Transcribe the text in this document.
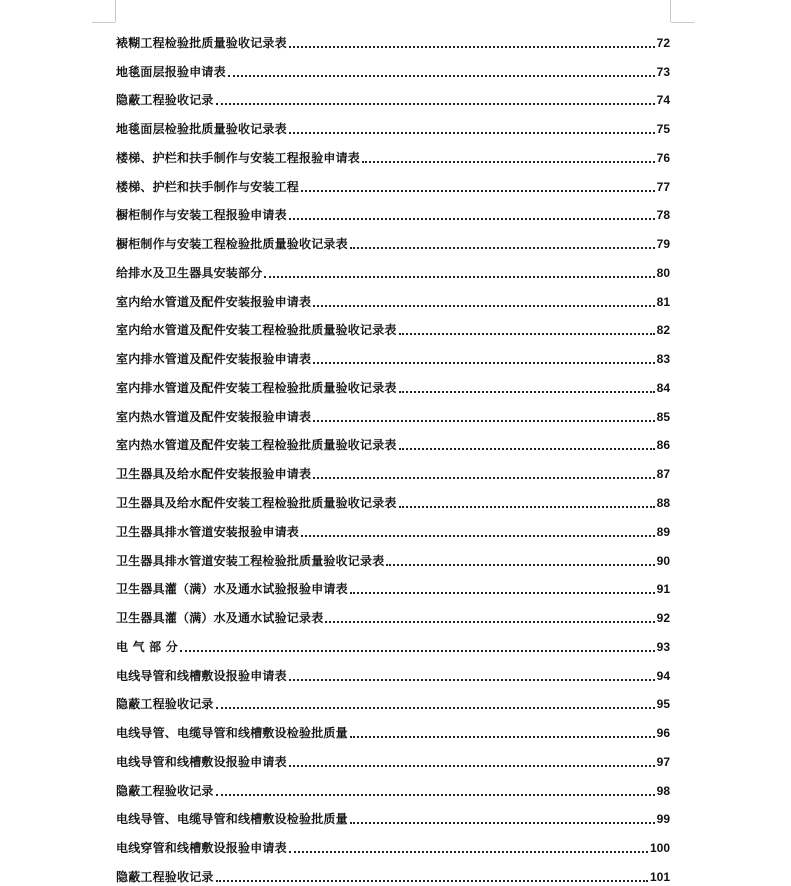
裱糊工程检验批质量验收记录表	72
地毯面层报验申请表	73
隐蔽工程验收记录	74
地毯面层检验批质量验收记录表	75
楼梯、护栏和扶手制作与安装工程报验申请表	76
楼梯、护栏和扶手制作与安装工程	77
橱柜制作与安装工程报验申请表	78
橱柜制作与安装工程检验批质量验收记录表	79
给排水及卫生器具安装部分	80
室内给水管道及配件安装报验申请表	81
室内给水管道及配件安装工程检验批质量验收记录表	82
室内排水管道及配件安装报验申请表	83
室内排水管道及配件安装工程检验批质量验收记录表	84
室内热水管道及配件安装报验申请表	85
室内热水管道及配件安装工程检验批质量验收记录表	86
卫生器具及给水配件安装报验申请表	87
卫生器具及给水配件安装工程检验批质量验收记录表	88
卫生器具排水管道安装报验申请表	89
卫生器具排水管道安装工程检验批质量验收记录表	90
卫生器具灌（满）水及通水试验报验申请表	91
卫生器具灌（满）水及通水试验记录表	92
电 气 部 分	93
电线导管和线槽敷设报验申请表	94
隐蔽工程验收记录	95
电线导管、电缆导管和线槽敷设检验批质量	96
电线导管和线槽敷设报验申请表	97
隐蔽工程验收记录	98
电线导管、电缆导管和线槽敷设检验批质量	99
电线穿管和线槽敷设报验申请表	100
隐蔽工程验收记录	101
